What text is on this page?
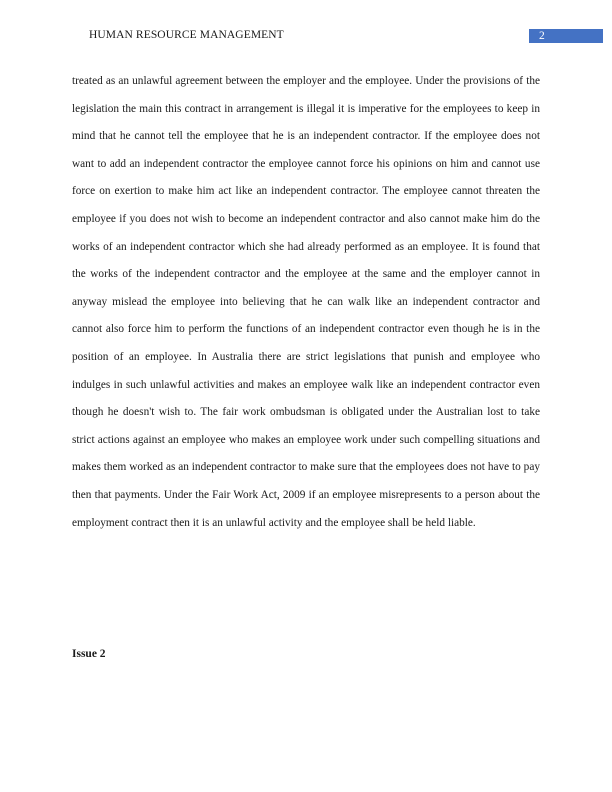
HUMAN RESOURCE MANAGEMENT	2

treated as an unlawful agreement between the employer and the employee. Under the provisions of the legislation the main this contract in arrangement is illegal it is imperative for the employees to keep in mind that he cannot tell the employee that he is an independent contractor. If the employee does not want to add an independent contractor the employee cannot force his opinions on him and cannot use force on exertion to make him act like an independent contractor. The employee cannot threaten the employee if you does not wish to become an independent contractor and also cannot make him do the works of an independent contractor which she had already performed as an employee. It is found that the works of the independent contractor and the employee at the same and the employer cannot in anyway mislead the employee into believing that he can walk like an independent contractor and cannot also force him to perform the functions of an independent contractor even though he is in the position of an employee. In Australia there are strict legislations that punish and employee who indulges in such unlawful activities and makes an employee walk like an independent contractor even though he doesn't wish to. The fair work ombudsman is obligated under the Australian lost to take strict actions against an employee who makes an employee work under such compelling situations and makes them worked as an independent contractor to make sure that the employees does not have to pay then that payments. Under the Fair Work Act, 2009 if an employee misrepresents to a person about the employment contract then it is an unlawful activity and the employee shall be held liable.

Issue 2
